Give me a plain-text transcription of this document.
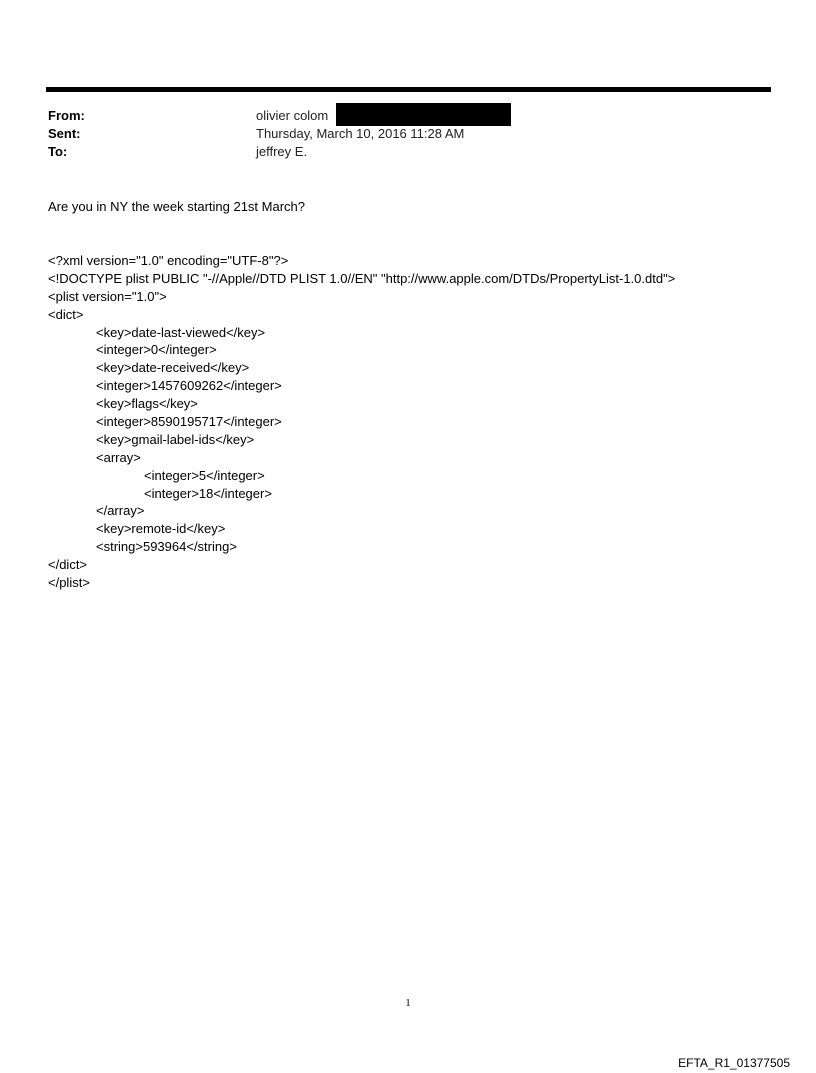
From:	olivier colom
Sent:	Thursday, March 10, 2016 11:28 AM
To:	jeffrey E.
Are you in NY the week starting 21st March?
<?xml version="1.0" encoding="UTF-8"?>
<!DOCTYPE plist PUBLIC "-//Apple//DTD PLIST 1.0//EN" "http://www.apple.com/DTDs/PropertyList-1.0.dtd">
<plist version="1.0">
<dict>
<key>date-last-viewed</key>
<integer>0</integer>
<key>date-received</key>
<integer>1457609262</integer>
<key>flags</key>
<integer>8590195717</integer>
<key>gmail-label-ids</key>
<array>
<integer>5</integer>
<integer>18</integer>
</array>
<key>remote-id</key>
<string>593964</string>
</dict>
</plist>
1
EFTA_R1_01377505
